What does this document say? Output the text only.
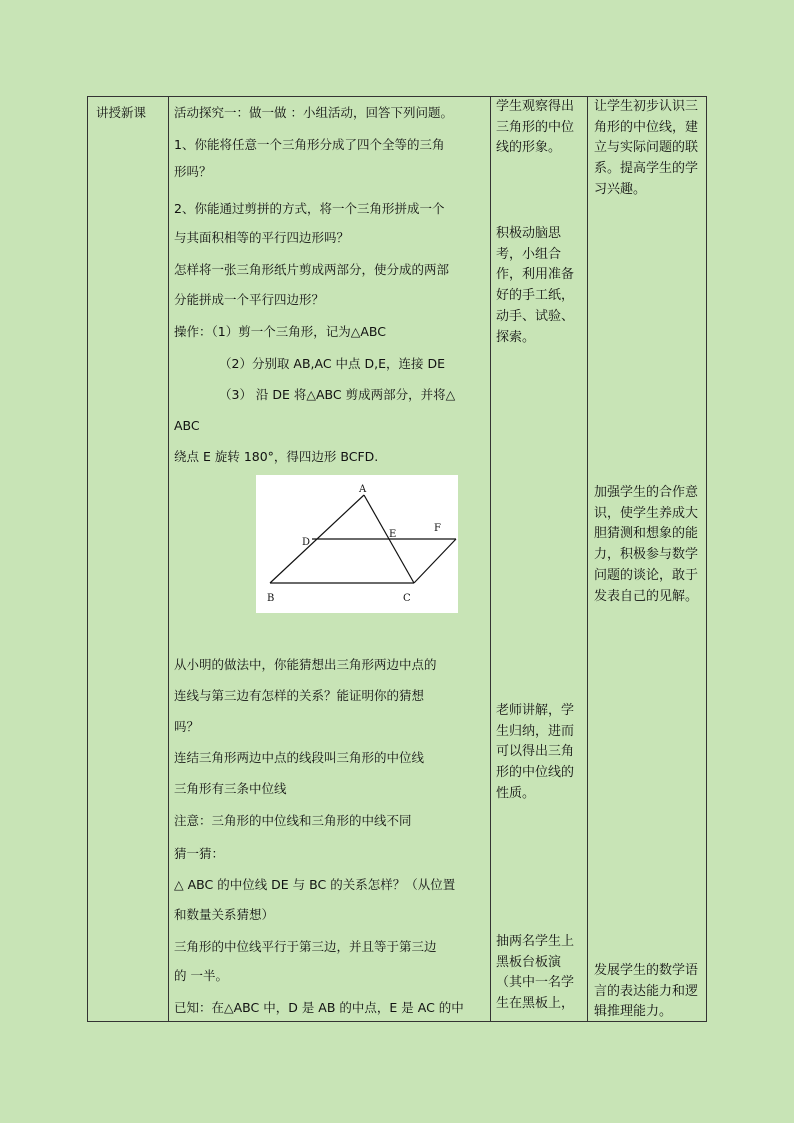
讲授新课 活动探究一：做一做 ：小组活动，回答下列问题。
1、你能将任意一个三角形分成了四个全等的三角
形吗？
2、你能通过剪拼的方式，将一个三角形拼成一个
与其面积相等的平行四边形吗？
怎样将一张三角形纸片剪成两部分，使分成的两部
分能拼成一个平行四边形？
操作：（1）剪一个三角形，记为△ABC
（2）分别取 AB,AC 中点 D,E，连接 DE
（3） 沿 DE 将△ABC 剪成两部分，并将△
ABC
绕点 E 旋转 180°，得四边形 BCFD.
A
D
E
F
B	C
从小明的做法中，你能猜想出三角形两边中点的
连线与第三边有怎样的关系？能证明你的猜想
吗？
连结三角形两边中点的线段叫三角形的中位线
三角形有三条中位线
注意：三角形的中位线和三角形的中线不同
猜一猜：
△ ABC 的中位线 DE 与 BC 的关系怎样？（从位置
和数量关系猜想）
三角形的中位线平行于第三边，并且等于第三边
的 一半。
已知：在△ABC 中，D 是 AB 的中点，E 是 AC 的中
学生观察得出三角形的中位线的形象。
积极动脑思考，小组合作，利用准备好的手工纸，动手、试验、探索。
老师讲解，学生归纳，进而可以得出三角形的中位线的性质。
抽两名学生上黑板台板演（其中一名学生在黑板上，
让学生初步认识三角形的中位线，建立与实际问题的联系。提高学生的学习兴趣。
加强学生的合作意识，使学生养成大胆猜测和想象的能力，积极参与数学问题的谈论，敢于发表自己的见解。
发展学生的数学语言的表达能力和逻辑推理能力。
